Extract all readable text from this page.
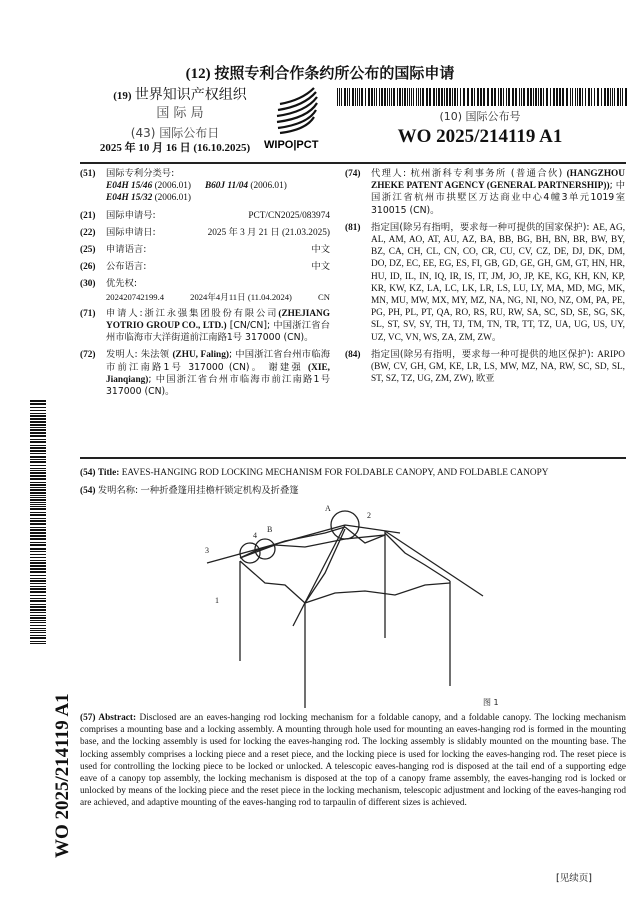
(12) 按照专利合作条约所公布的国际申请
(19) 世界知识产权组织
国 际 局
(43) 国际公布日
2025 年 10 月 16 日 (16.10.2025)	WIPO|PCT
(10) 国际公布号
WO 2025/214119 A1
(51)	国际专利分类号:
E04H 15/46 (2006.01) B60J 11/04 (2006.01)
E04H 15/32 (2006.01)
(21)	国际申请号:	PCT/CN2025/083974
(22)	国际申请日:	2025 年 3 月 21 日 (21.03.2025)
(25)	申请语言:	中文
(26)	公布语言:	中文
(30)	优先权:
202420742199.4	2024年4月11日 (11.04.2024)	CN
(71)	申请人:浙江永强集团股份有限公司(ZHEJIANG YOTRIO GROUP CO., LTD.) [CN/CN]; 中国浙江省台州市临海市大洋街道前江南路1号 317000 (CN)。
(72)	发明人: 朱法领 (ZHU, Faling); 中国浙江省台州市临海市前江南路1号 317000 (CN)。 谢建强 (XIE, Jianqiang); 中国浙江省台州市临海市前江南路1号 317000 (CN)。
(74)	代理人: 杭州浙科专利事务所 (普通合伙) (HANGZHOU ZHEKE PATENT AGENCY (GENERAL PARTNERSHIP)); 中国浙江省杭州市拱墅区万达商业中心4幢3单元1019室 310015 (CN)。
(81)	指定国(除另有指明，要求每一种可提供的国家保护): AE, AG, AL, AM, AO, AT, AU, AZ, BA, BB, BG, BH, BN, BR, BW, BY, BZ, CA, CH, CL, CN, CO, CR, CU, CV, CZ, DE, DJ, DK, DM, DO, DZ, EC, EE, EG, ES, FI, GB, GD, GE, GH, GM, GT, HN, HR, HU, ID, IL, IN, IQ, IR, IS, IT, JM, JO, JP, KE, KG, KH, KN, KP, KR, KW, KZ, LA, LC, LK, LR, LS, LU, LY, MA, MD, MG, MK, MN, MU, MW, MX, MY, MZ, NA, NG, NI, NO, NZ, OM, PA, PE, PG, PH, PL, PT, QA, RO, RS, RU, RW, SA, SC, SD, SE, SG, SK, SL, ST, SV, SY, TH, TJ, TM, TN, TR, TT, TZ, UA, UG, US, UY, UZ, VC, VN, WS, ZA, ZM, ZW。
(84)	指定国(除另有指明，要求每一种可提供的地区保护): ARIPO (BW, CV, GH, GM, KE, LR, LS, MW, MZ, NA, RW, SC, SD, SL, ST, SZ, TZ, UG, ZM, ZW), 欧亚
(54) Title: EAVES-HANGING ROD LOCKING MECHANISM FOR FOLDABLE CANOPY, AND FOLDABLE CANOPY
(54) 发明名称: 一种折叠篷用挂檐杆锁定机构及折叠篷
A
2
B
4
3
1
图 1
(57) Abstract: Disclosed are an eaves-hanging rod locking mechanism for a foldable canopy, and a foldable canopy. The locking mechanism comprises a mounting base and a locking assembly. A mounting through hole used for mounting an eaves-hanging rod is formed in the mounting base, and the locking assembly is used for locking the eaves-hanging rod. The locking assembly is slidably mounted on the mounting base. The locking assembly comprises a locking piece and a reset piece, and the locking piece is used for locking the eaves-hanging rod. The reset piece is used for controlling the locking piece to be locked or unlocked. A telescopic eaves-hanging rod is disposed at the tail end of a supporting edge eave of a canopy top assembly, the locking mechanism is disposed at the top of a canopy frame assembly, the eaves-hanging rod is locked or unlocked by means of the locking piece and the reset piece in the locking mechanism, telescopic adjustment and locking of the eaves-hanging rod are achieved, and adaptive mounting of the eaves-hanging rod to tarpaulin of different sizes is achieved.
WO 2025/214119 A1
[见续页]
